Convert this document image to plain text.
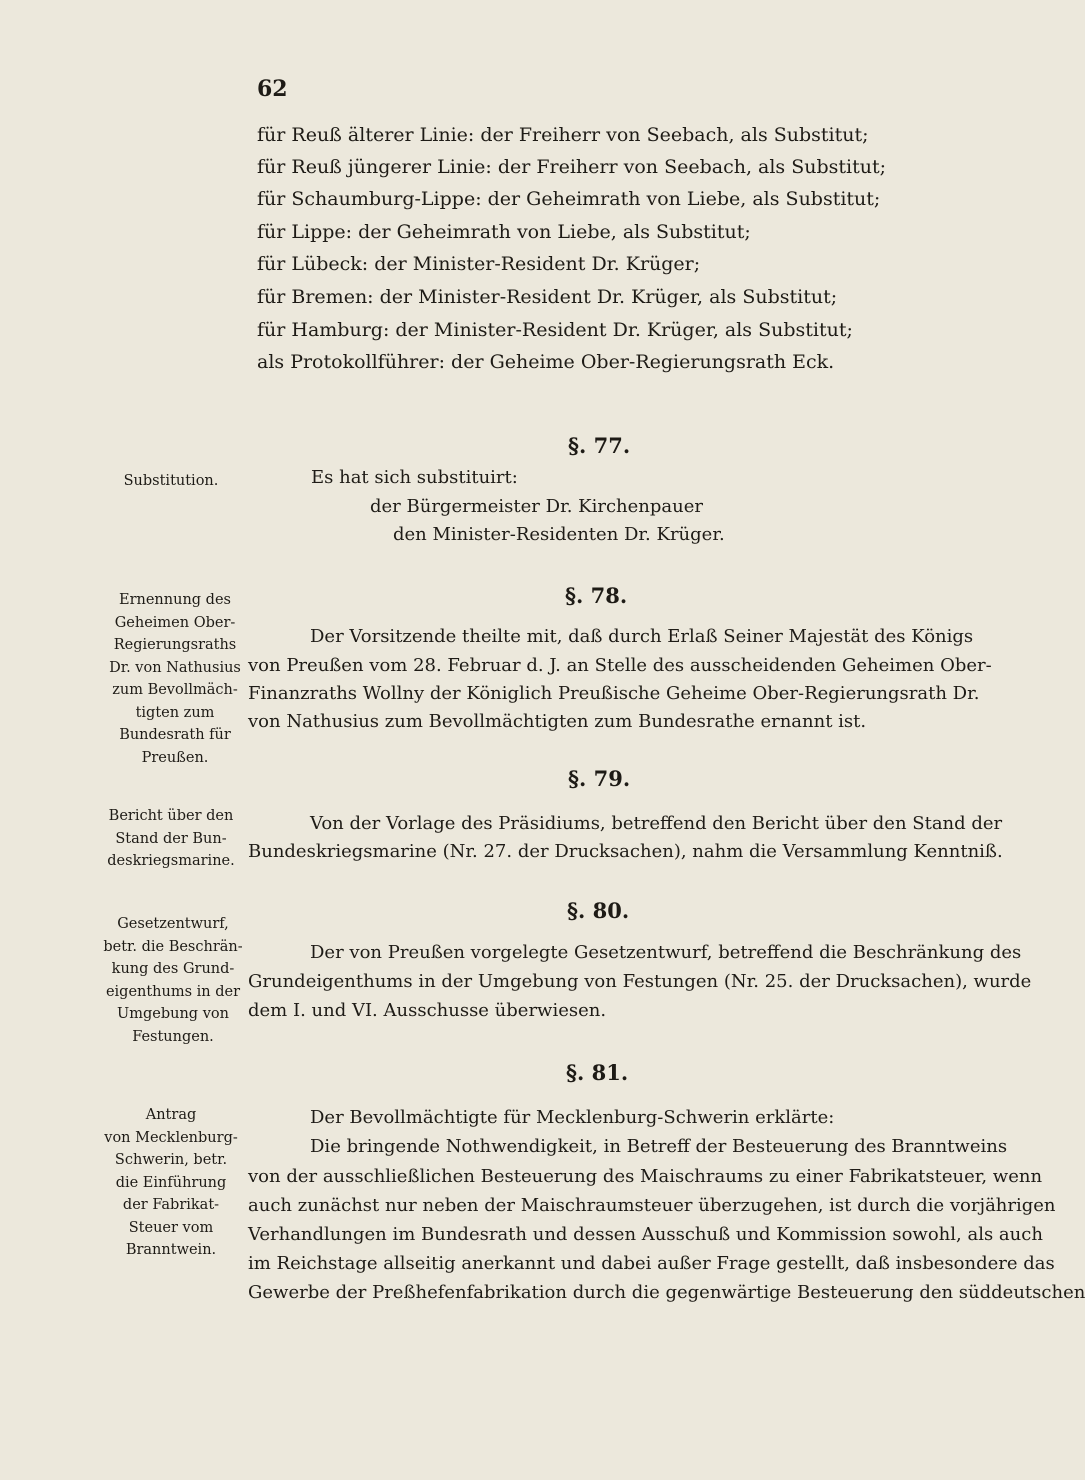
62
für Reuß älterer Linie: der Freiherr von Seebach, als Substitut;
für Reuß jüngerer Linie: der Freiherr von Seebach, als Substitut;
für Schaumburg-Lippe: der Geheimrath von Liebe, als Substitut;
für Lippe: der Geheimrath von Liebe, als Substitut;
für Lübeck: der Minister-Resident Dr. Krüger;
für Bremen: der Minister-Resident Dr. Krüger, als Substitut;
für Hamburg: der Minister-Resident Dr. Krüger, als Substitut;
als Protokollführer: der Geheime Ober-Regierungsrath Eck.
§. 77.
Substitution.	Es hat sich substituirt:
der Bürgermeister Dr. Kirchenpauer
den Minister-Residenten Dr. Krüger.
§. 78.
Ernennung des
Geheimen Ober-
Regierungsraths
Dr. von Nathusius
zum Bevollmäch-
tigten zum
Bundesrath für
Preußen.
Der Vorsitzende theilte mit, daß durch Erlaß Seiner Majestät des Königs
von Preußen vom 28. Februar d. J. an Stelle des ausscheidenden Geheimen Ober-
Finanzraths Wollny der Königlich Preußische Geheime Ober-Regierungsrath Dr.
von Nathusius zum Bevollmächtigten zum Bundesrathe ernannt ist.
§. 79.
Bericht über den
Stand der Bun-
deskriegsmarine.
Von der Vorlage des Präsidiums, betreffend den Bericht über den Stand der
Bundeskriegsmarine (Nr. 27. der Drucksachen), nahm die Versammlung Kenntniß.
§. 80.
Gesetzentwurf,
betr. die Beschrän-
kung des Grund-
eigenthums in der
Umgebung von
Festungen.
Der von Preußen vorgelegte Gesetzentwurf, betreffend die Beschränkung des
Grundeigenthums in der Umgebung von Festungen (Nr. 25. der Drucksachen), wurde
dem I. und VI. Ausschusse überwiesen.
§. 81.
Antrag
von Mecklenburg-
Schwerin, betr.
die Einführung
der Fabrikat-
Steuer vom
Branntwein.
Der Bevollmächtigte für Mecklenburg-Schwerin erklärte:
Die bringende Nothwendigkeit, in Betreff der Besteuerung des Branntweins
von der ausschließlichen Besteuerung des Maischraums zu einer Fabrikatsteuer, wenn
auch zunächst nur neben der Maischraumsteuer überzugehen, ist durch die vorjährigen
Verhandlungen im Bundesrath und dessen Ausschuß und Kommission sowohl, als auch
im Reichstage allseitig anerkannt und dabei außer Frage gestellt, daß insbesondere das
Gewerbe der Preßhefenfabrikation durch die gegenwärtige Besteuerung den süddeutschen
